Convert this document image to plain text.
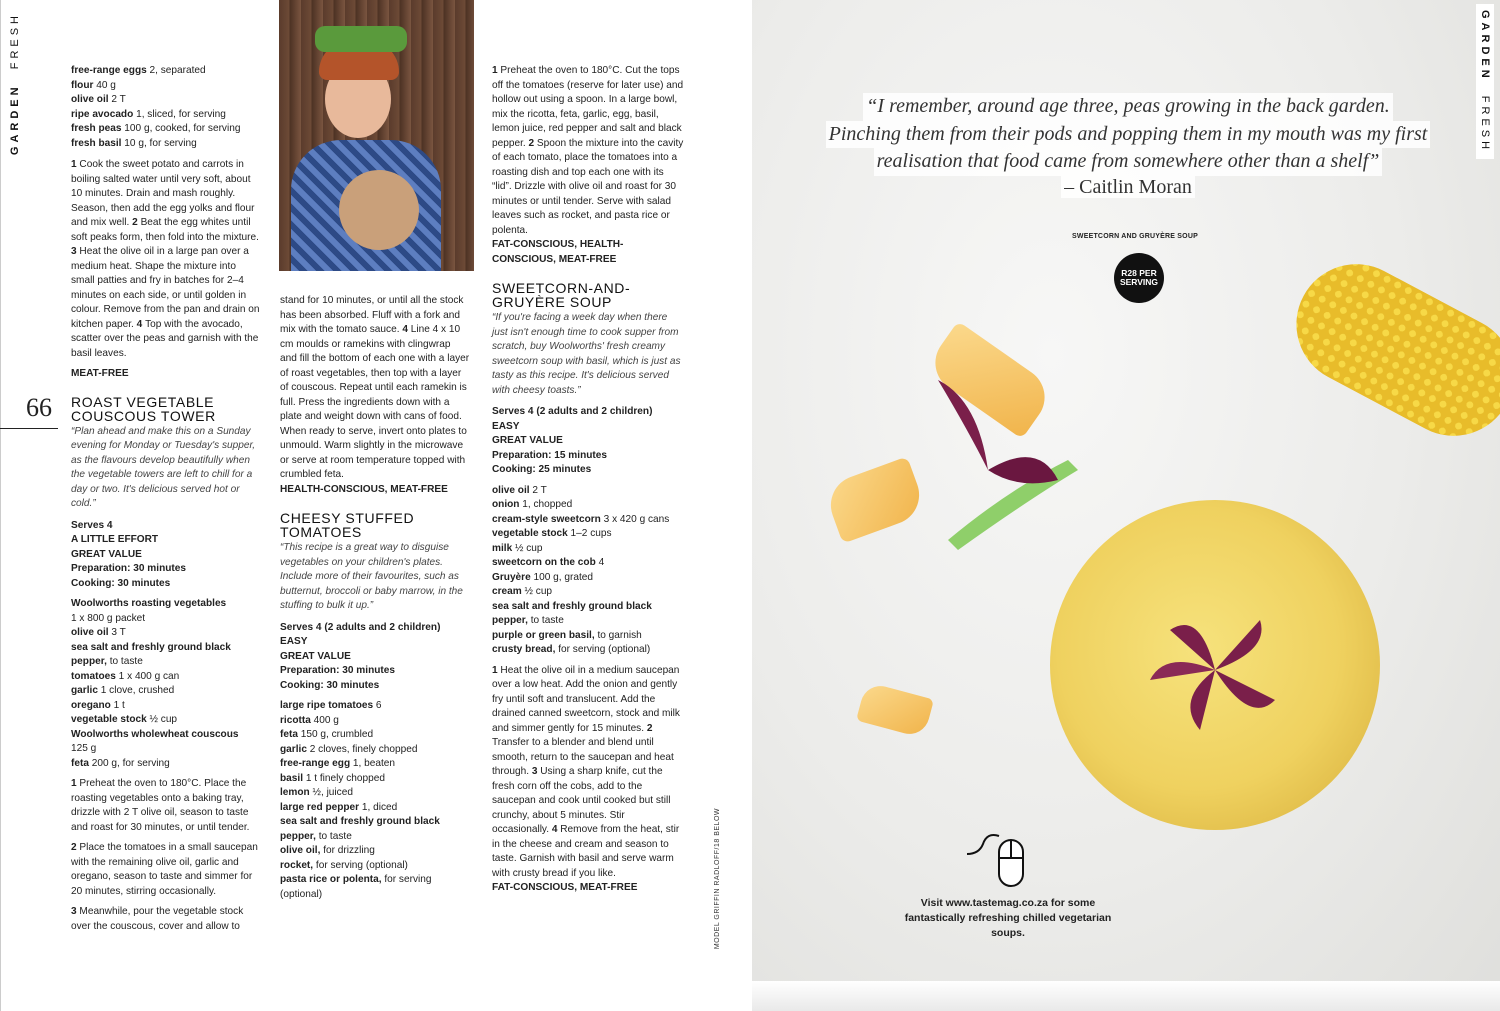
GARDEN  FRESH
66
free-range eggs 2, separated
flour 40 g
olive oil 2 T
ripe avocado 1, sliced, for serving
fresh peas 100 g, cooked, for serving
fresh basil 10 g, for serving

1 Cook the sweet potato and carrots in boiling salted water until very soft, about 10 minutes. Drain and mash roughly. Season, then add the egg yolks and flour and mix well. 2 Beat the egg whites until soft peaks form, then fold into the mixture. 3 Heat the olive oil in a large pan over a medium heat. Shape the mixture into small patties and fry in batches for 2–4 minutes on each side, or until golden in colour. Remove from the pan and drain on kitchen paper. 4 Top with the avocado, scatter over the peas and garnish with the basil leaves.

MEAT-FREE

ROAST VEGETABLE COUSCOUS TOWER

“Plan ahead and make this on a Sunday evening for Monday or Tuesday's supper, as the flavours develop beautifully when the vegetable towers are left to chill for a day or two. It's delicious served hot or cold.”

Serves 4
A LITTLE EFFORT
GREAT VALUE
Preparation: 30 minutes
Cooking: 30 minutes
Woolworths roasting vegetables
1 x 800 g packet
olive oil 3 T
sea salt and freshly ground black pepper, to taste
tomatoes 1 x 400 g can
garlic 1 clove, crushed
oregano 1 t
vegetable stock ½ cup
Woolworths wholewheat couscous
125 g
feta 200 g, for serving

1 Preheat the oven to 180°C. Place the roasting vegetables onto a baking tray, drizzle with 2 T olive oil, season to taste and roast for 30 minutes, or until tender.

2 Place the tomatoes in a small saucepan with the remaining olive oil, garlic and oregano, season to taste and simmer for 20 minutes, stirring occasionally.

3 Meanwhile, pour the vegetable stock over the couscous, cover and allow to

stand for 10 minutes, or until all the stock has been absorbed. Fluff with a fork and mix with the tomato sauce. 4 Line 4 x 10 cm moulds or ramekins with clingwrap and fill the bottom of each one with a layer of roast vegetables, then top with a layer of couscous. Repeat until each ramekin is full. Press the ingredients down with a plate and weight down with cans of food. When ready to serve, invert onto plates to unmould. Warm slightly in the microwave or serve at room temperature topped with crumbled feta.

HEALTH-CONSCIOUS, MEAT-FREE

CHEESY STUFFED TOMATOES

“This recipe is a great way to disguise vegetables on your children's plates. Include more of their favourites, such as butternut, broccoli or baby marrow, in the stuffing to bulk it up.”

Serves 4 (2 adults and 2 children)
EASY
GREAT VALUE
Preparation: 30 minutes
Cooking: 30 minutes
large ripe tomatoes 6
ricotta 400 g
feta 150 g, crumbled
garlic 2 cloves, finely chopped
free-range egg 1, beaten
basil 1 t finely chopped
lemon ½, juiced
large red pepper 1, diced
sea salt and freshly ground black pepper, to taste
olive oil, for drizzling
rocket, for serving (optional)
pasta rice or polenta, for serving (optional)

1 Preheat the oven to 180°C. Cut the tops off the tomatoes (reserve for later use) and hollow out using a spoon. In a large bowl, mix the ricotta, feta, garlic, egg, basil, lemon juice, red pepper and salt and black pepper. 2 Spoon the mixture into the cavity of each tomato, place the tomatoes into a roasting dish and top each one with its “lid”. Drizzle with olive oil and roast for 30 minutes or until tender. Serve with salad leaves such as rocket, and pasta rice or polenta.

FAT-CONSCIOUS, HEALTH-CONSCIOUS, MEAT-FREE

SWEETCORN-AND-GRUYÈRE SOUP

“If you're facing a week day when there just isn't enough time to cook supper from scratch, buy Woolworths' fresh creamy sweetcorn soup with basil, which is just as tasty as this recipe. It's delicious served with cheesy toasts.”

Serves 4 (2 adults and 2 children)
EASY
GREAT VALUE
Preparation: 15 minutes
Cooking: 25 minutes
olive oil 2 T
onion 1, chopped
cream-style sweetcorn 3 x 420 g cans
vegetable stock 1–2 cups
milk ½ cup
sweetcorn on the cob 4
Gruyère 100 g, grated
cream ½ cup
sea salt and freshly ground black pepper, to taste
purple or green basil, to garnish
crusty bread, for serving (optional)

1 Heat the olive oil in a medium saucepan over a low heat. Add the onion and gently fry until soft and translucent. Add the drained canned sweetcorn, stock and milk and simmer gently for 15 minutes. 2 Transfer to a blender and blend until smooth, return to the saucepan and heat through. 3 Using a sharp knife, cut the fresh corn off the cobs, add to the saucepan and cook until cooked but still crunchy, about 5 minutes. Stir occasionally. 4 Remove from the heat, stir in the cheese and cream and season to taste. Garnish with basil and serve warm with crusty bread if you like.

FAT-CONSCIOUS, MEAT-FREE	MODEL GRIFFIN RADLOFF/18 BELOW
GARDEN  FRESH
“I remember, around age three, peas growing in the back garden.
Pinching them from their pods and popping them in my mouth was my first
realisation that food came from somewhere other than a shelf”
– Caitlin Moran
SWEETCORN AND GRUYÈRE SOUP
R28 PER SERVING
Visit www.tastemag.co.za for some fantastically refreshing chilled vegetarian soups.
